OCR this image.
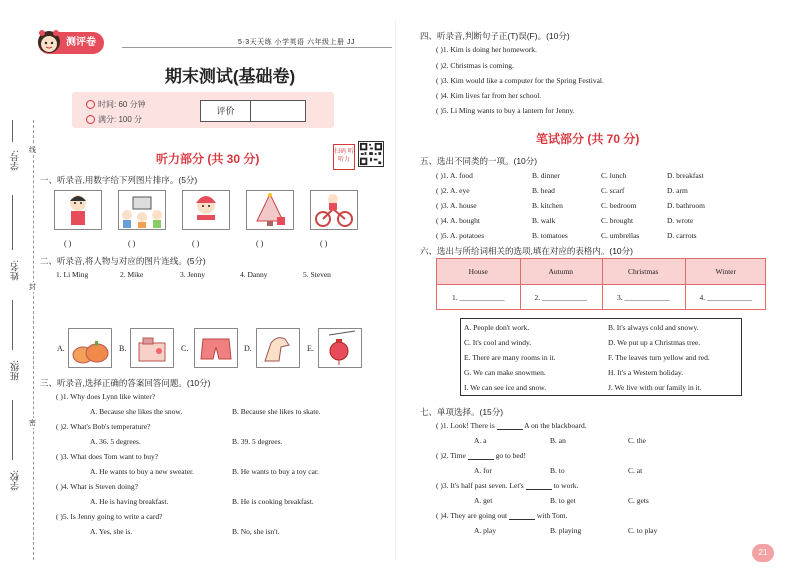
学号:
姓名:
班级:
学校:
线
封
密
测评卷	5·3天天练 小学英语 六年级上册 JJ
期末测试(基础卷)
时间: 60 分钟
满分: 100 分
评价
听力部分 (共 30 分)	扫码 听听力
一、听录音,用数字给下列图片排序。(5分)
( )	( )	( )	( )	( )
二、听录音,将人物与对应的图片连线。(5分)
1. Li Ming	2. Mike	3. Jenny	4. Danny	5. Steven
A.	B.	C.	D.	E.
三、听录音,选择正确的答案回答问题。(10分)
( )1. Why does Lynn like winter?
A. Because she likes the snow.	B. Because she likes to skate.
( )2. What's Bob's temperature?
A. 36. 5 degrees.	B. 39. 5 degrees.
( )3. What does Tom want to buy?
A. He wants to buy a new sweater.	B. He wants to buy a toy car.
( )4. What is Steven doing?
A. He is having breakfast.	B. He is cooking breakfast.
( )5. Is Jenny going to write a card?
A. Yes, she is.	B. No, she isn't.
四、听录音,判断句子正(T)误(F)。(10分)
( )1. Kim is doing her homework.
( )2. Christmas is coming.
( )3. Kim would like a computer for the Spring Festival.
( )4. Kim lives far from her school.
( )5. Li Ming wants to buy a lantern for Jenny.
笔试部分 (共 70 分)
五、选出不同类的一项。(10分)
( )1. A. food	B. dinner	C. lunch	D. breakfast
( )2. A. eye	B. head	C. scarf	D. arm
( )3. A. house	B. kitchen	C. bedroom	D. bathroom
( )4. A. bought	B. walk	C. brought	D. wrote
( )5. A. potatoes	B. tomatoes	C. umbrellas	D. carrots
六、选出与所给词相关的选项,填在对应的表格内。(10分)
House	Autumn	Christmas	Winter
1. ____________	2. ____________	3. ____________	4. ____________
A. People don't work.	B. It's always cold and snowy.
C. It's cool and windy.	D. We put up a Christmas tree.
E. There are many rooms in it.	F. The leaves turn yellow and red.
G. We can make snowmen.	H. It's a Western holiday.
I. We can see ice and snow.	J. We live with our family in it.
七、单项选择。(15分)
( )1. Look! There is	A on the blackboard.
A. a	B. an	C. the
( )2. Time	go to bed!
A. for	B. to	C. at
( )3. It's half past seven. Let's	to work.
A. get	B. to get	C. gets
( )4. They are going out	with Tom.
A. play	B. playing	C. to play
21
